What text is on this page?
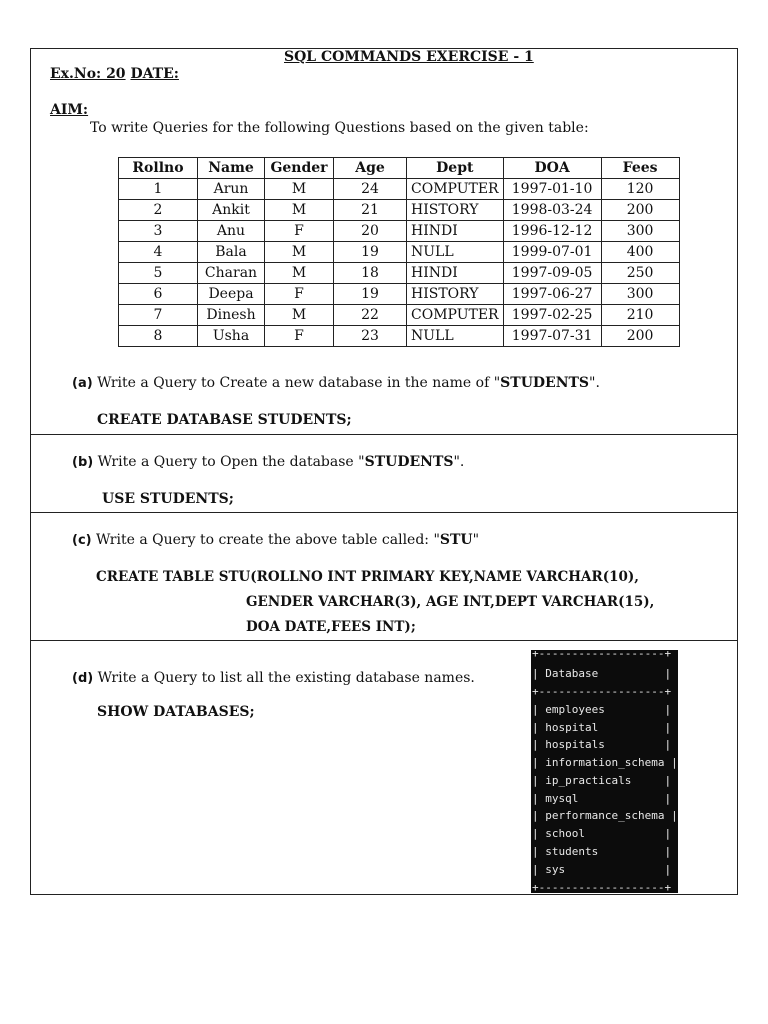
SQL COMMANDS EXERCISE - 1
Ex.No: 20 DATE:
AIM:
To write Queries for the following Questions based on the given table:
Rollno	Name	Gender	Age	Dept	DOA	Fees
1	Arun	M	24	COMPUTER	1997-01-10	120
2	Ankit	M	21	HISTORY	1998-03-24	200
3	Anu	F	20	HINDI	1996-12-12	300
4	Bala	M	19	NULL	1999-07-01	400
5	Charan	M	18	HINDI	1997-09-05	250
6	Deepa	F	19	HISTORY	1997-06-27	300
7	Dinesh	M	22	COMPUTER	1997-02-25	210
8	Usha	F	23	NULL	1997-07-31	200
(a) Write a Query to Create a new database in the name of "STUDENTS".
CREATE DATABASE STUDENTS;
(b) Write a Query to Open the database "STUDENTS".
USE STUDENTS;
(c) Write a Query to create the above table called: "STU"
CREATE TABLE STU(ROLLNO INT PRIMARY KEY,NAME VARCHAR(10),
GENDER VARCHAR(3), AGE INT,DEPT VARCHAR(15),
DOA DATE,FEES INT);
(d) Write a Query to list all the existing database names.
SHOW DATABASES;
+-------------------+
| Database          |
+-------------------+
| employees         |
| hospital          |
| hospitals         |
| information_schema |
| ip_practicals     |
| mysql             |
| performance_schema |
| school            |
| students          |
| sys               |
+-------------------+
